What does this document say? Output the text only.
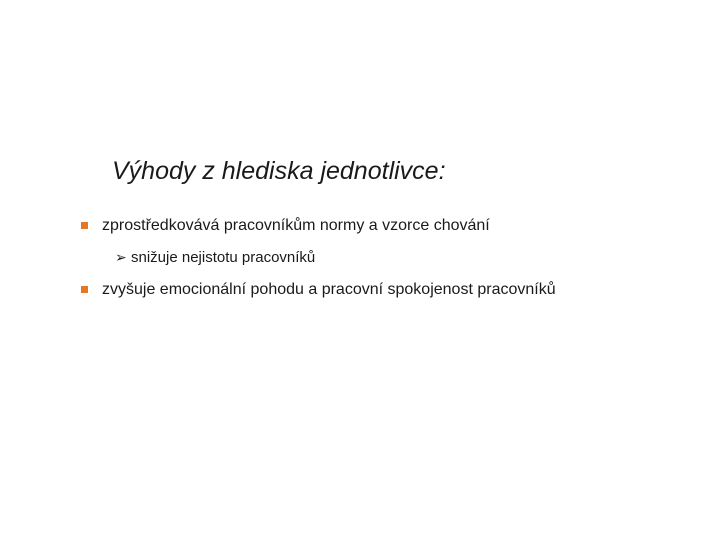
Výhody z hlediska jednotlivce:
zprostředkovává pracovníkům normy a vzorce chování
➢ snižuje nejistotu pracovníků
zvyšuje emocionální pohodu a pracovní spokojenost pracovníků
